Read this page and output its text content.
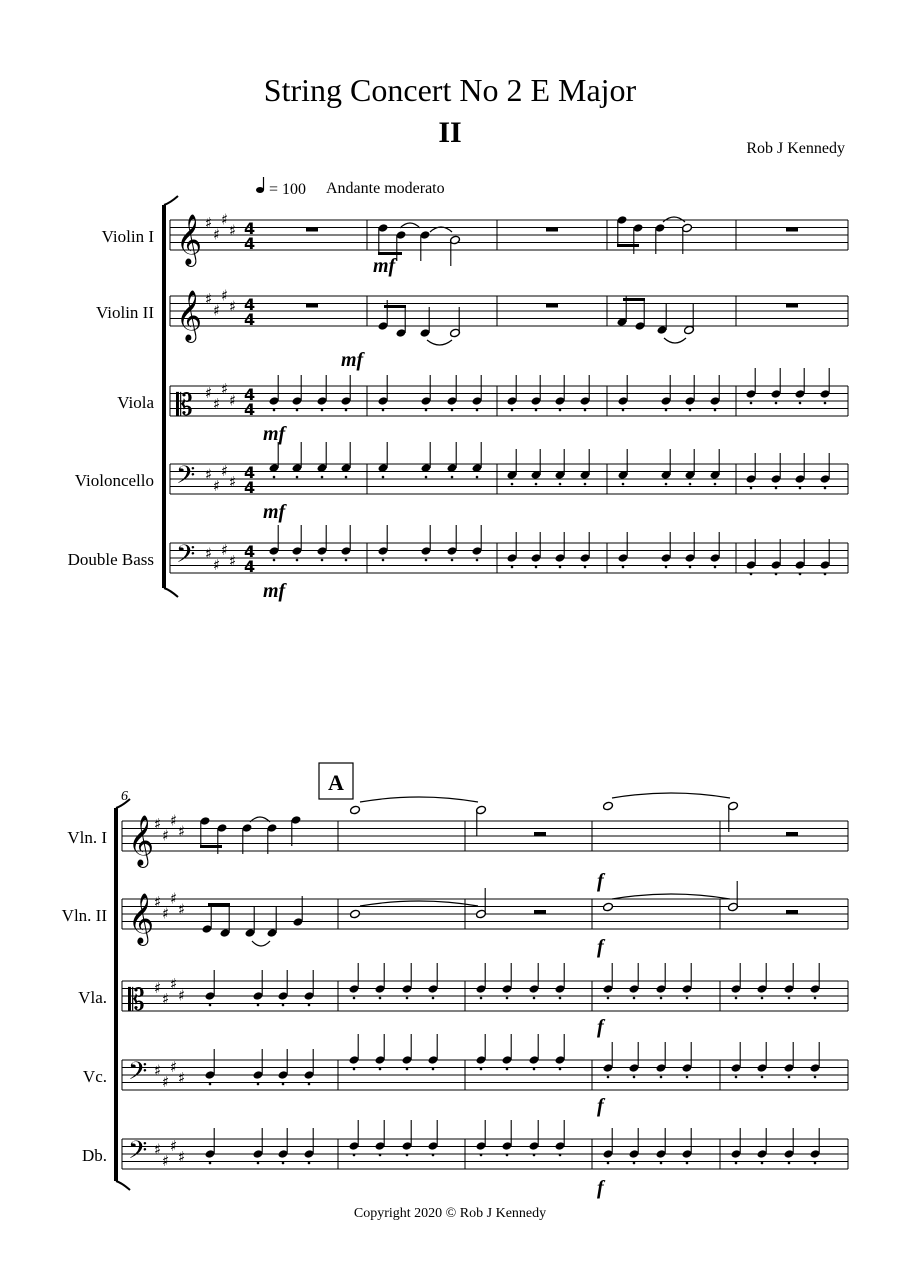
String Concert No 2 E Major
II	Rob J Kennedy
= 100 Andante moderato
Violin I
Violin II
Viola
Violoncello
Double Bass
Vln. I
Vln. II
Vla.
Vc.
Db.
6
A
mf
mf
mf
mf
mf
f
f
f
f
f
𝄞 ♯
♯
♯
♯ 4
4
𝄞 ♯
♯
♯
♯ 4
4
𝄡 ♯
♯
♯
♯ 4
4
𝄢 ♯
♯
♯
♯ 4
4
𝄢 ♯
♯
♯
♯ 4
4
𝄞 ♯
♯
♯
♯
𝄞 ♯
♯
♯
♯
𝄡 ♯
♯
♯
♯
𝄢 ♯
♯
♯
♯
𝄢 ♯
♯
♯
♯
Copyright 2020 © Rob J Kennedy
